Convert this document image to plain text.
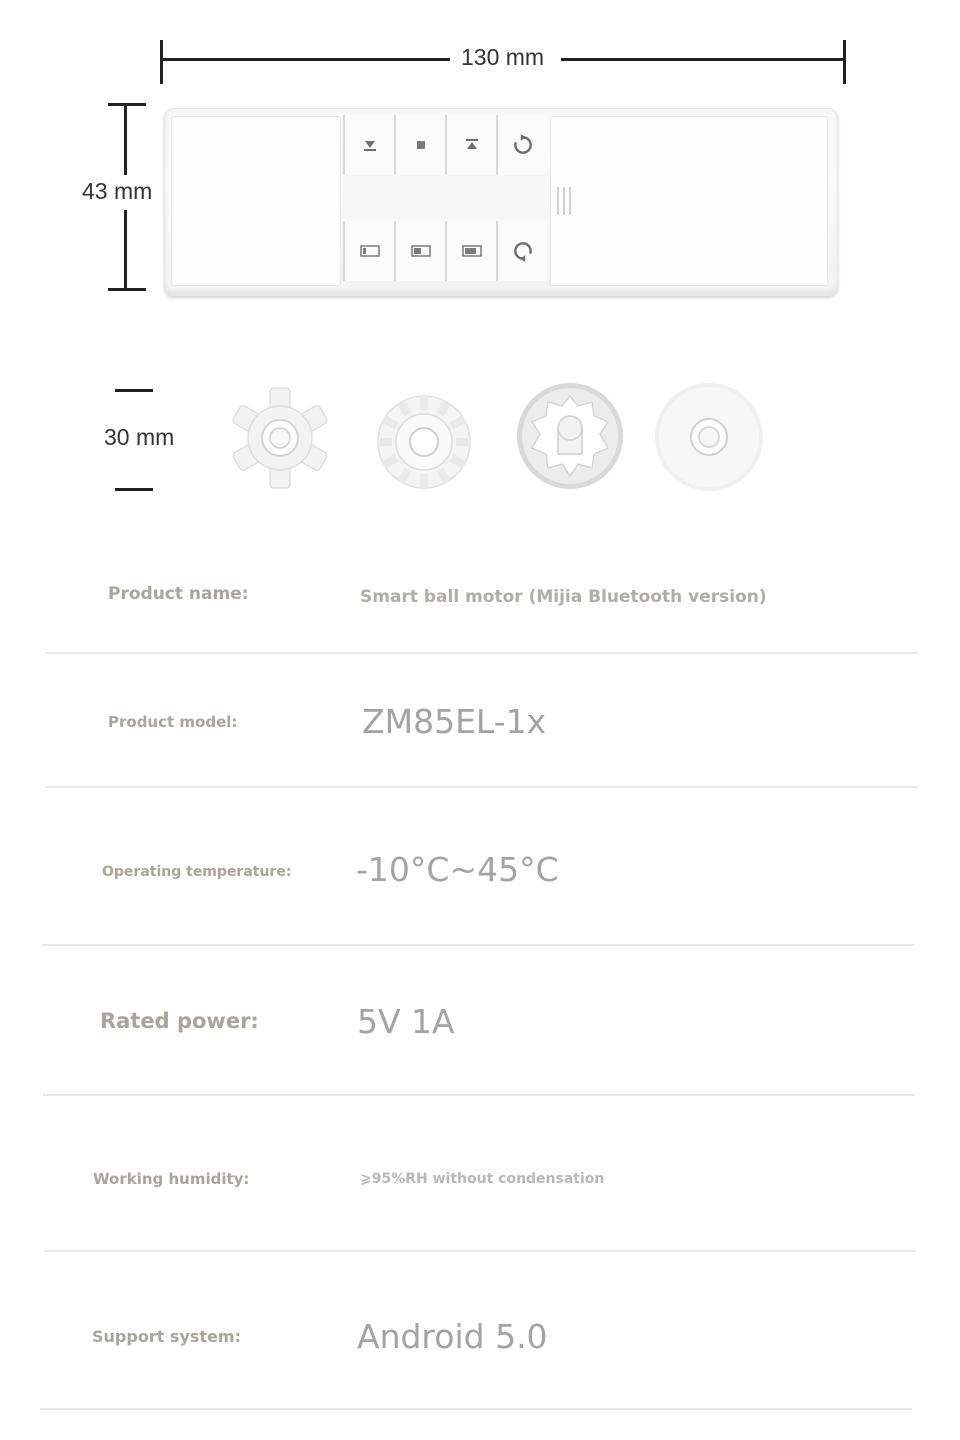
130 mm
43 mm
30 mm
Product name:	Smart ball motor (Mijia Bluetooth version)
Product model:	ZM85EL-1x
Operating temperature: -10°C~45°C
Rated power:	5V 1A
Working humidity:	⩾95%RH without condensation
Support system:	Android 5.0
